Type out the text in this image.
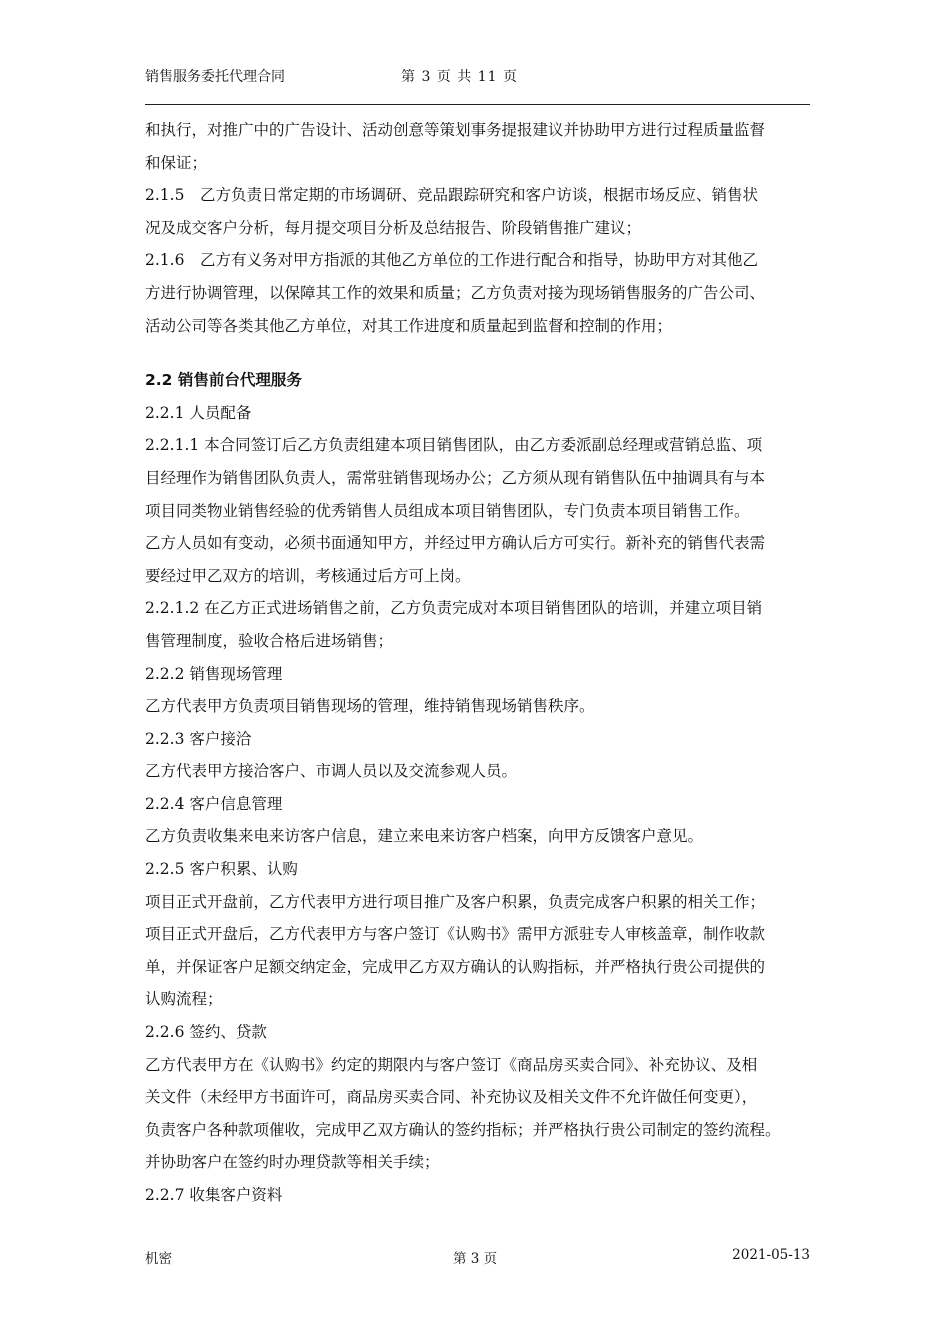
销售服务委托代理合同	第 3 页 共 11 页
和执行，对推广中的广告设计、活动创意等策划事务提报建议并协助甲方进行过程质量监督
和保证；
2.1.5　乙方负责日常定期的市场调研、竞品跟踪研究和客户访谈，根据市场反应、销售状
况及成交客户分析，每月提交项目分析及总结报告、阶段销售推广建议；
2.1.6　乙方有义务对甲方指派的其他乙方单位的工作进行配合和指导，协助甲方对其他乙
方进行协调管理，以保障其工作的效果和质量；乙方负责对接为现场销售服务的广告公司、
活动公司等各类其他乙方单位，对其工作进度和质量起到监督和控制的作用；
2.2 销售前台代理服务
2.2.1 人员配备
2.2.1.1 本合同签订后乙方负责组建本项目销售团队，由乙方委派副总经理或营销总监、项
目经理作为销售团队负责人，需常驻销售现场办公；乙方须从现有销售队伍中抽调具有与本
项目同类物业销售经验的优秀销售人员组成本项目销售团队，专门负责本项目销售工作。
乙方人员如有变动，必须书面通知甲方，并经过甲方确认后方可实行。新补充的销售代表需
要经过甲乙双方的培训，考核通过后方可上岗。
2.2.1.2 在乙方正式进场销售之前，乙方负责完成对本项目销售团队的培训，并建立项目销
售管理制度，验收合格后进场销售；
2.2.2 销售现场管理
乙方代表甲方负责项目销售现场的管理，维持销售现场销售秩序。
2.2.3 客户接洽
乙方代表甲方接洽客户、市调人员以及交流参观人员。
2.2.4 客户信息管理
乙方负责收集来电来访客户信息，建立来电来访客户档案，向甲方反馈客户意见。
2.2.5 客户积累、认购
项目正式开盘前，乙方代表甲方进行项目推广及客户积累，负责完成客户积累的相关工作；
项目正式开盘后，乙方代表甲方与客户签订《认购书》需甲方派驻专人审核盖章，制作收款
单，并保证客户足额交纳定金，完成甲乙方双方确认的认购指标，并严格执行贵公司提供的
认购流程；
2.2.6 签约、贷款
乙方代表甲方在《认购书》约定的期限内与客户签订《商品房买卖合同》、补充协议、及相
关文件（未经甲方书面许可，商品房买卖合同、补充协议及相关文件不允许做任何变更），
负责客户各种款项催收，完成甲乙双方确认的签约指标；并严格执行贵公司制定的签约流程。
并协助客户在签约时办理贷款等相关手续；
2.2.7 收集客户资料
机密	第 3 页	2021-05-13
